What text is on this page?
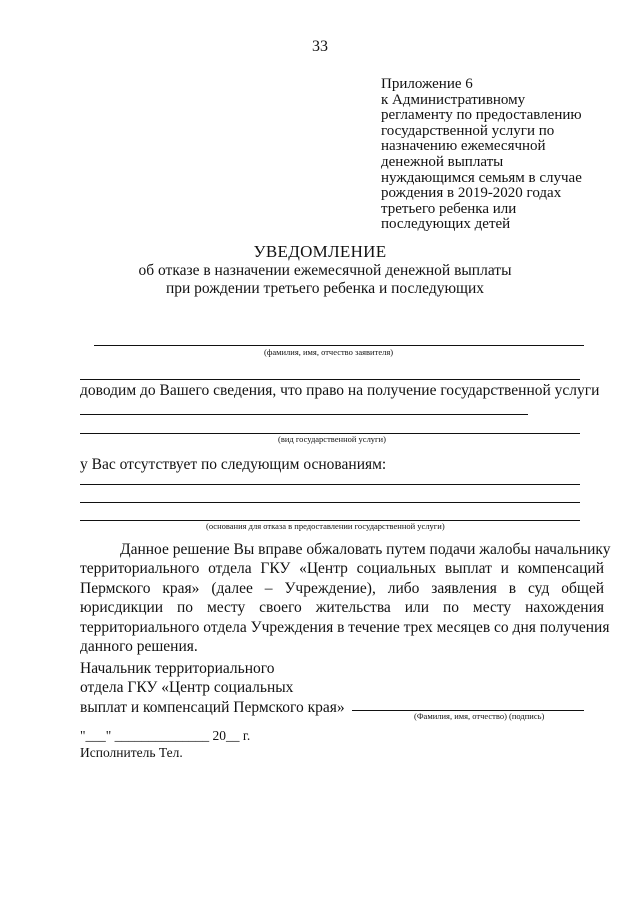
33
Приложение 6
к Административному
регламенту по предоставлению
государственной услуги по
назначению ежемесячной
денежной выплаты
нуждающимся семьям в случае
рождения в 2019-2020 годах
третьего ребенка или
последующих детей
УВЕДОМЛЕНИЕ
об отказе в назначении ежемесячной денежной выплаты
при рождении третьего ребенка и последующих
(фамилия, имя, отчество заявителя)
доводим до Вашего сведения, что право на получение государственной услуги
(вид государственной услуги)
у Вас отсутствует по следующим основаниям:
(основания для отказа в предоставлении государственной услуги)
Данное решение Вы вправе обжаловать путем подачи жалобы начальнику
территориального отдела ГКУ «Центр социальных выплат и компенсаций
Пермского края» (далее – Учреждение), либо заявления в суд общей
юрисдикции по месту своего жительства или по месту нахождения
территориального отдела Учреждения в течение трех месяцев со дня получения
данного решения.
Начальник территориального
отдела ГКУ «Центр социальных
выплат и компенсаций Пермского края»
(Фамилия, имя, отчество) (подпись)
"___" ______________ 20__ г.
Исполнитель Тел.
